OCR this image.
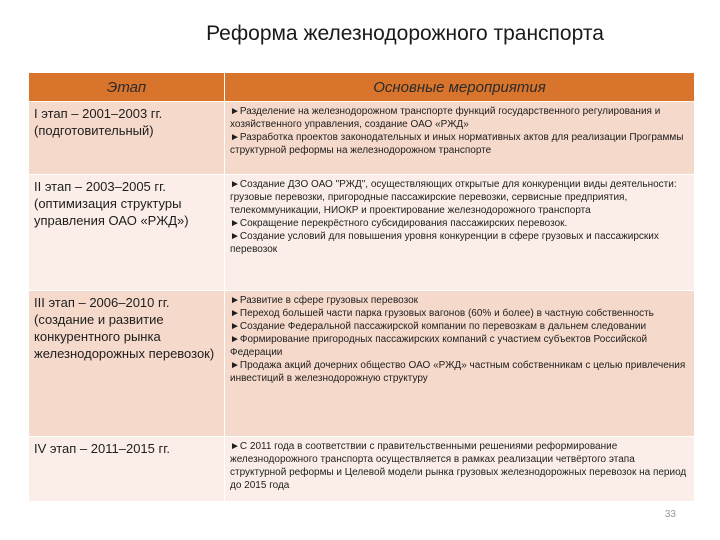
Реформа железнодорожного транспорта
Этап	Основные мероприятия
I этап – 2001–2003 гг. (подготовительный)	►Разделение на железнодорожном транспорте функций государственного регулирования и хозяйственного управления, создание ОАО «РЖД»
►Разработка проектов законодательных и иных нормативных актов для реализации Программы структурной реформы на железнодорожном транспорте

II этап – 2003–2005 гг. (оптимизация структуры управления ОАО «РЖД»)	►Создание ДЗО ОАО "РЖД", осуществляющих открытые для конкуренции виды деятельности: грузовые перевозки, пригородные пассажирские перевозки, сервисные предприятия, телекоммуникации, НИОКР и проектирование железнодорожного транспорта
►Сокращение перекрёстного субсидирования пассажирских перевозок.
►Создание условий для повышения уровня конкуренции в сфере грузовых и пассажирских перевозок

III этап – 2006–2010 гг. (создание и развитие конкурентного рынка железнодорожных перевозок)	►Развитие в сфере грузовых перевозок
►Переход большей части парка грузовых вагонов (60% и более) в частную собственность
►Создание Федеральной пассажирской компании по перевозкам в дальнем следовании
►Формирование пригородных пассажирских компаний с участием субъектов Российской Федерации
►Продажа акций дочерних общество ОАО «РЖД» частным собственникам с целью привлечения инвестиций в железнодорожную структуру

IV этап – 2011–2015 гг.	►С 2011 года в соответствии с правительственными решениями реформирование железнодорожного транспорта осуществляется в рамках реализации четвёртого этапа структурной реформы и Целевой модели рынка грузовых железнодорожных перевозок на период до 2015 года
33
